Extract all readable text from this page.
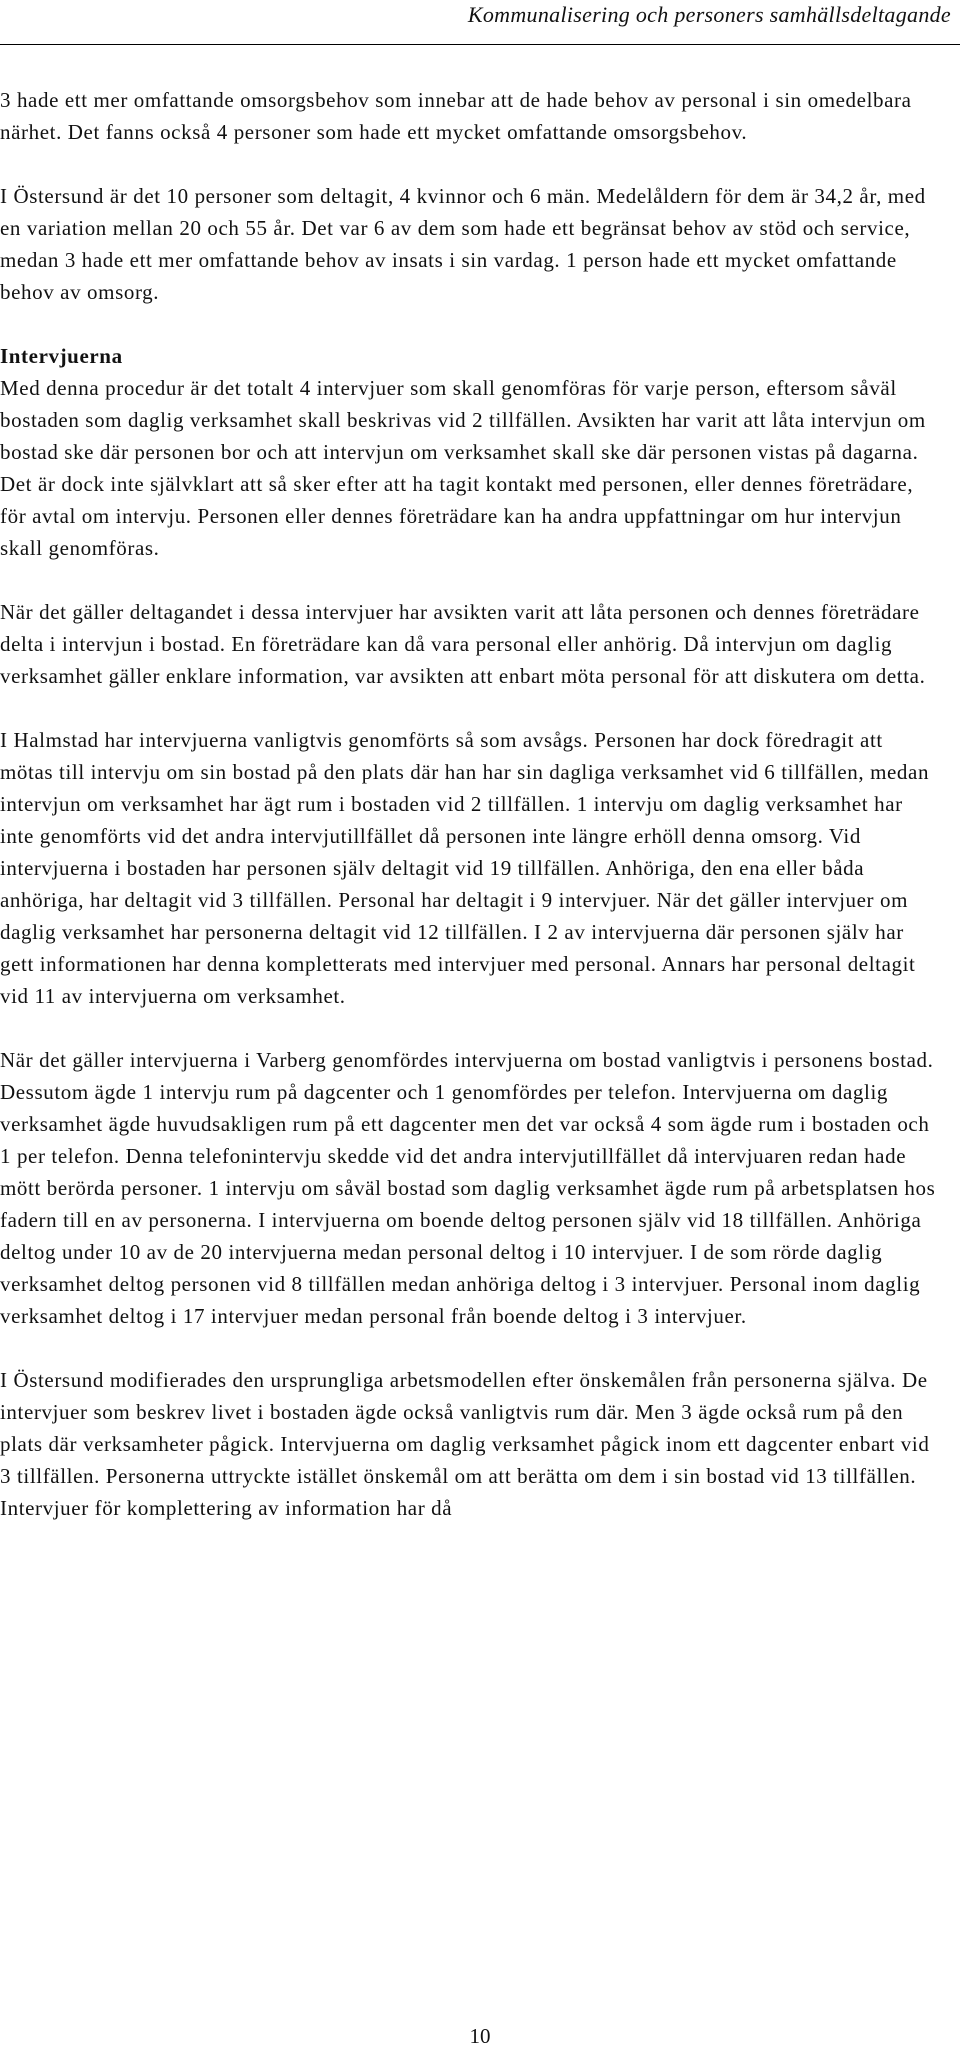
Kommunalisering och personers samhällsdeltagande

3 hade ett mer omfattande omsorgsbehov som innebar att de hade behov av personal i sin omedelbara närhet. Det fanns också 4 personer som hade ett mycket omfattande omsorgsbehov.

I Östersund är det 10 personer som deltagit, 4 kvinnor och 6 män. Medelåldern för dem är 34,2 år, med en variation mellan 20 och 55 år. Det var 6 av dem som hade ett begränsat behov av stöd och service, medan 3 hade ett mer omfattande behov av insats i sin vardag. 1 person hade ett mycket omfattande behov av omsorg.

Intervjuerna

Med denna procedur är det totalt 4 intervjuer som skall genomföras för varje person, eftersom såväl bostaden som daglig verksamhet skall beskrivas vid 2 tillfällen. Avsikten har varit att låta intervjun om bostad ske där personen bor och att intervjun om verksamhet skall ske där personen vistas på dagarna. Det är dock inte självklart att så sker efter att ha tagit kontakt med personen, eller dennes företrädare, för avtal om intervju. Personen eller dennes företrädare kan ha andra uppfattningar om hur intervjun skall genomföras.

När det gäller deltagandet i dessa intervjuer har avsikten varit att låta personen och dennes företrädare delta i intervjun i bostad. En företrädare kan då vara personal eller anhörig. Då intervjun om daglig verksamhet gäller enklare information, var avsikten att enbart möta personal för att diskutera om detta.

I Halmstad har intervjuerna vanligtvis genomförts så som avsågs. Personen har dock föredragit att mötas till intervju om sin bostad på den plats där han har sin dagliga verksamhet vid 6 tillfällen, medan intervjun om verksamhet har ägt rum i bostaden vid 2 tillfällen. 1 intervju om daglig verksamhet har inte genomförts vid det andra intervjutillfället då personen inte längre erhöll denna omsorg. Vid intervjuerna i bostaden har personen själv deltagit vid 19 tillfällen. Anhöriga, den ena eller båda anhöriga, har deltagit vid 3 tillfällen. Personal har deltagit i 9 intervjuer. När det gäller intervjuer om daglig verksamhet har personerna deltagit vid 12 tillfällen. I 2 av intervjuerna där personen själv har gett informationen har denna kompletterats med intervjuer med personal. Annars har personal deltagit vid 11 av intervjuerna om verksamhet.

När det gäller intervjuerna i Varberg genomfördes intervjuerna om bostad vanligtvis i personens bostad. Dessutom ägde 1 intervju rum på dagcenter och 1 genomfördes per telefon. Intervjuerna om daglig verksamhet ägde huvudsakligen rum på ett dagcenter men det var också 4 som ägde rum i bostaden och 1 per telefon. Denna telefonintervju skedde vid det andra intervjutillfället då intervjuaren redan hade mött berörda personer. 1 intervju om såväl bostad som daglig verksamhet ägde rum på arbetsplatsen hos fadern till en av personerna. I intervjuerna om boende deltog personen själv vid 18 tillfällen. Anhöriga deltog under 10 av de 20 intervjuerna medan personal deltog i 10 intervjuer. I de som rörde daglig verksamhet deltog personen vid 8 tillfällen medan anhöriga deltog i 3 intervjuer. Personal inom daglig verksamhet deltog i 17 intervjuer medan personal från boende deltog i 3 intervjuer.

I Östersund modifierades den ursprungliga arbetsmodellen efter önskemålen från personerna själva. De intervjuer som beskrev livet i bostaden ägde också vanligtvis rum där. Men 3 ägde också rum på den plats där verksamheter pågick. Intervjuerna om daglig verksamhet pågick inom ett dagcenter enbart vid 3 tillfällen. Personerna uttryckte istället önskemål om att berätta om dem i sin bostad vid 13 tillfällen. Intervjuer för komplettering av information har då

10
